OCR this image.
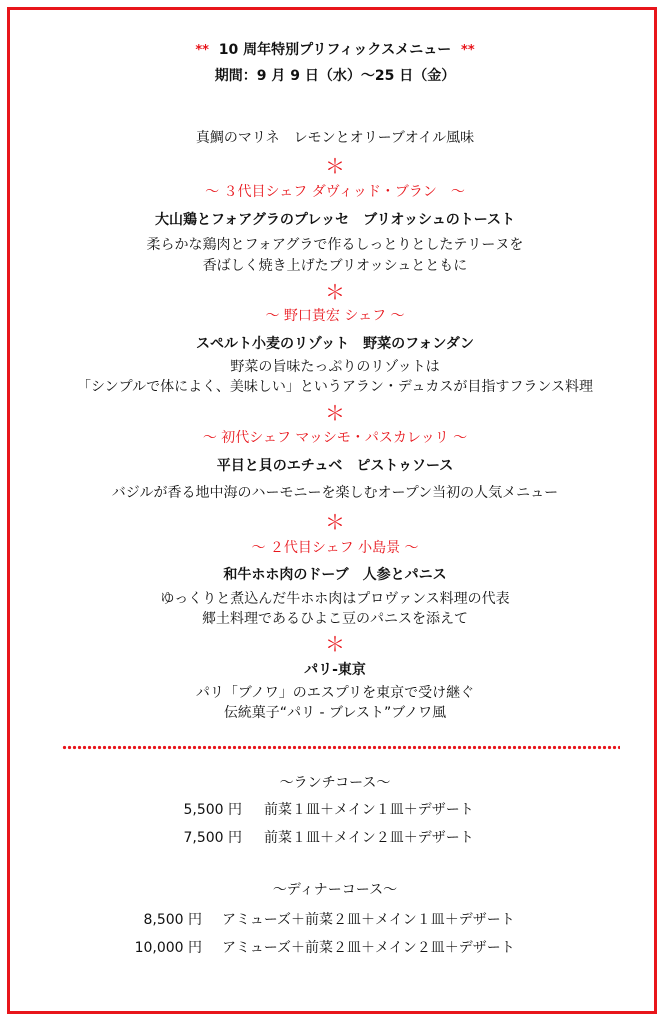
** 10 周年特別プリフィックスメニュー **
期間：9 月 9 日（水）～25 日（金）
真鯛のマリネ　レモンとオリーブオイル風味
＊
～ ３代目シェフ ダヴィッド・ブラン　～
大山鶏とフォアグラのプレッセ　ブリオッシュのトースト
柔らかな鶏肉とフォアグラで作るしっとりとしたテリーヌを
香ばしく焼き上げたブリオッシュとともに
＊
～ 野口貴宏 シェフ ～
スペルト小麦のリゾット　野菜のフォンダン
野菜の旨味たっぷりのリゾットは
「シンプルで体によく、美味しい」というアラン・デュカスが目指すフランス料理
＊
～ 初代シェフ マッシモ・パスカレッリ ～
平目と貝のエチュベ　ピストゥソース
バジルが香る地中海のハーモニーを楽しむオープン当初の人気メニュー
＊
～ ２代目シェフ 小島景 ～
和牛ホホ肉のドーブ　人参とパニス
ゆっくりと煮込んだ牛ホホ肉はプロヴァンス料理の代表
郷土料理であるひよこ豆のパニスを添えて
＊
パリ-東京
パリ「ブノワ」のエスプリを東京で受け継ぐ
伝統菓子“パリ - ブレスト”ブノワ風
～ランチコース～
5,500 円 前菜１皿＋メイン１皿＋デザート
7,500 円 前菜１皿＋メイン２皿＋デザート
～ディナーコース～
8,500 円 アミューズ＋前菜２皿＋メイン１皿＋デザート
10,000 円 アミューズ＋前菜２皿＋メイン２皿＋デザート
